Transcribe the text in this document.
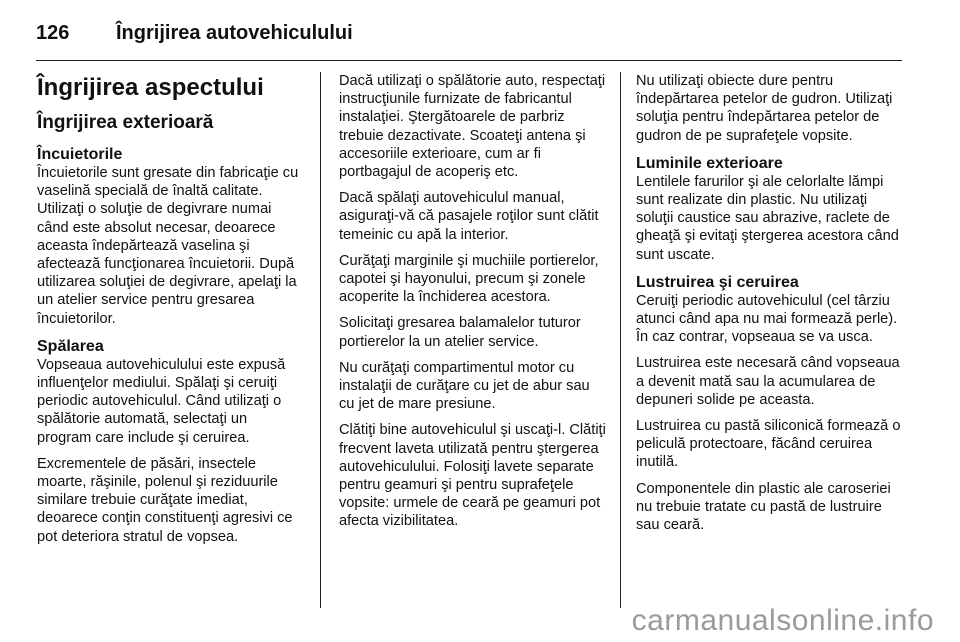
126	Îngrijirea autovehiculului
Îngrijirea aspectului
Îngrijirea exterioară
Încuietorile

Încuietorile sunt gresate din fabricaţie cu vaselină specială de înaltă calitate. Utilizaţi o soluţie de degivrare numai când este absolut necesar, deoarece aceasta îndepărtează vaselina şi afectează funcţionarea încuietorii. După utilizarea soluţiei de degivrare, apelaţi la un atelier service pentru gresarea încuietorilor.

Spălarea

Vopseaua autovehiculului este expusă influenţelor mediului. Spălaţi şi ceruiţi periodic autovehiculul. Când utilizaţi o spălătorie automată, selectaţi un program care include şi ceruirea.

Excrementele de păsări, insectele moarte, răşinile, polenul şi reziduurile similare trebuie curăţate imediat, deoarece conţin constituenţi agresivi ce pot deteriora stratul de vopsea.

Dacă utilizaţi o spălătorie auto, respectaţi instrucţiunile furnizate de fabricantul instalaţiei. Ştergătoarele de parbriz trebuie dezactivate. Scoateţi antena şi accesoriile exterioare, cum ar fi portbagajul de acoperiş etc.

Dacă spălaţi autovehiculul manual, asiguraţi-vă că pasajele roţilor sunt clătit temeinic cu apă la interior.

Curăţaţi marginile şi muchiile portierelor, capotei şi hayonului, precum şi zonele acoperite la închiderea acestora.

Solicitaţi gresarea balamalelor tuturor portierelor la un atelier service.

Nu curăţaţi compartimentul motor cu instalaţii de curăţare cu jet de abur sau cu jet de mare presiune.

Clătiţi bine autovehiculul şi uscaţi-l. Clătiţi frecvent laveta utilizată pentru ştergerea autovehiculului. Folosiţi lavete separate pentru geamuri şi pentru suprafeţele vopsite: urmele de ceară pe geamuri pot afecta vizibilitatea.

Nu utilizaţi obiecte dure pentru îndepărtarea petelor de gudron. Utilizaţi soluţia pentru îndepărtarea petelor de gudron de pe suprafeţele vopsite.

Luminile exterioare

Lentilele farurilor şi ale celorlalte lămpi sunt realizate din plastic. Nu utilizaţi soluţii caustice sau abrazive, raclete de gheaţă şi evitaţi ştergerea acestora când sunt uscate.

Lustruirea şi ceruirea

Ceruiţi periodic autovehiculul (cel târziu atunci când apa nu mai formează perle). În caz contrar, vopseaua se va usca.

Lustruirea este necesară când vopseaua a devenit mată sau la acumularea de depuneri solide pe aceasta.

Lustruirea cu pastă siliconică formează o peliculă protectoare, făcând ceruirea inutilă.

Componentele din plastic ale caroseriei nu trebuie tratate cu pastă de lustruire sau ceară.

carmanualsonline.info
